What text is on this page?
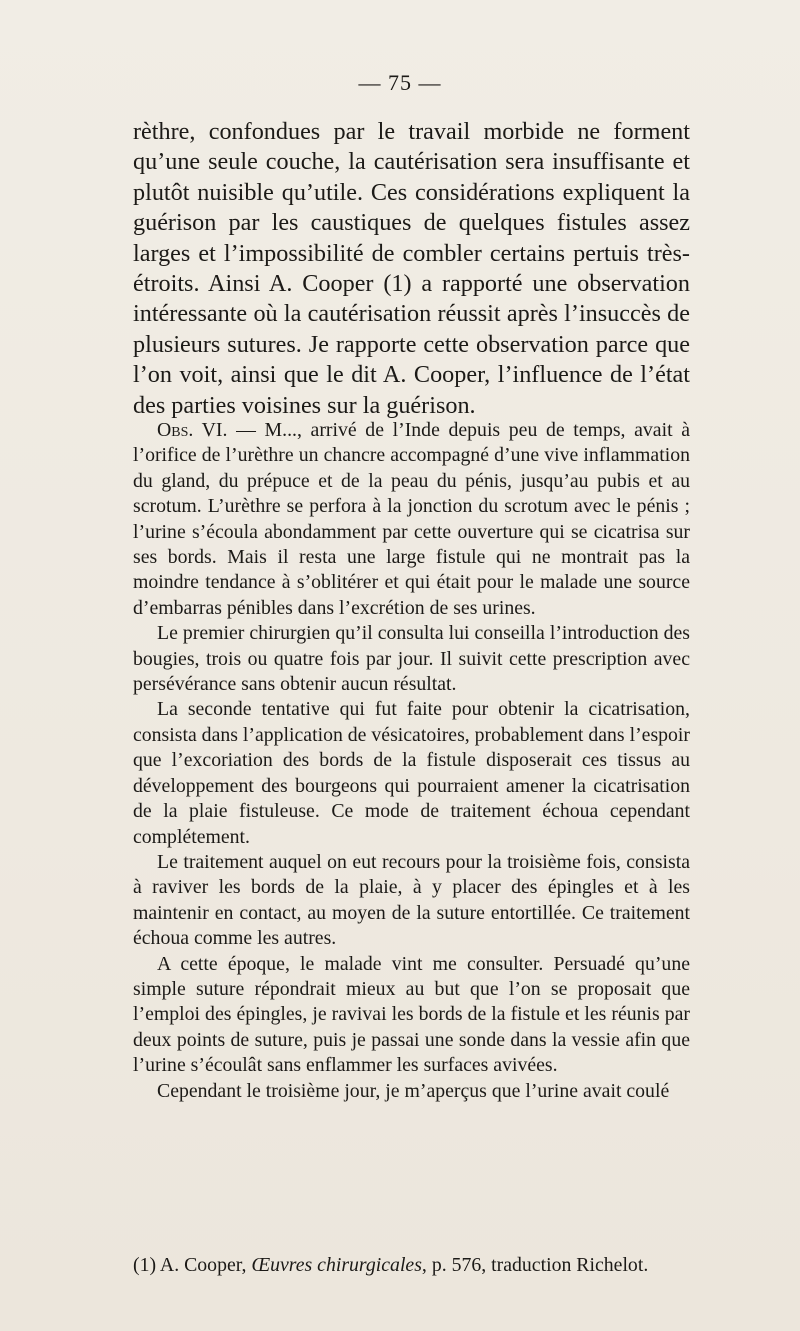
— 75 —
rèthre, confondues par le travail morbide ne forment qu’une seule couche, la cautérisation sera insuffisante et plutôt nuisible qu’utile. Ces considérations expliquent la guérison par les caustiques de quelques fistules assez larges et l’impossibilité de combler certains pertuis très-étroits. Ainsi A. Cooper (1) a rapporté une observation intéressante où la cautérisation réussit après l’insuccès de plusieurs sutures. Je rapporte cette observation parce que l’on voit, ainsi que le dit A. Cooper, l’influence de l’état des parties voisines sur la guérison.

Obs. VI. — M..., arrivé de l’Inde depuis peu de temps, avait à l’orifice de l’urèthre un chancre accompagné d’une vive inflammation du gland, du prépuce et de la peau du pénis, jusqu’au pubis et au scrotum. L’urèthre se perfora à la jonction du scrotum avec le pénis ; l’urine s’écoula abondamment par cette ouverture qui se cicatrisa sur ses bords. Mais il resta une large fistule qui ne montrait pas la moindre tendance à s’oblitérer et qui était pour le malade une source d’embarras pénibles dans l’excrétion de ses urines.

Le premier chirurgien qu’il consulta lui conseilla l’introduction des bougies, trois ou quatre fois par jour. Il suivit cette prescription avec persévérance sans obtenir aucun résultat.

La seconde tentative qui fut faite pour obtenir la cicatrisation, consista dans l’application de vésicatoires, probablement dans l’espoir que l’excoriation des bords de la fistule disposerait ces tissus au développement des bourgeons qui pourraient amener la cicatrisation de la plaie fistuleuse. Ce mode de traitement échoua cependant complétement.

Le traitement auquel on eut recours pour la troisième fois, consista à raviver les bords de la plaie, à y placer des épingles et à les maintenir en contact, au moyen de la suture entortillée. Ce traitement échoua comme les autres.

A cette époque, le malade vint me consulter. Persuadé qu’une simple suture répondrait mieux au but que l’on se proposait que l’emploi des épingles, je ravivai les bords de la fistule et les réunis par deux points de suture, puis je passai une sonde dans la vessie afin que l’urine s’écoulât sans enflammer les surfaces avivées.

Cependant le troisième jour, je m’aperçus que l’urine avait coulé

(1) A. Cooper, Œuvres chirurgicales, p. 576, traduction Richelot.
